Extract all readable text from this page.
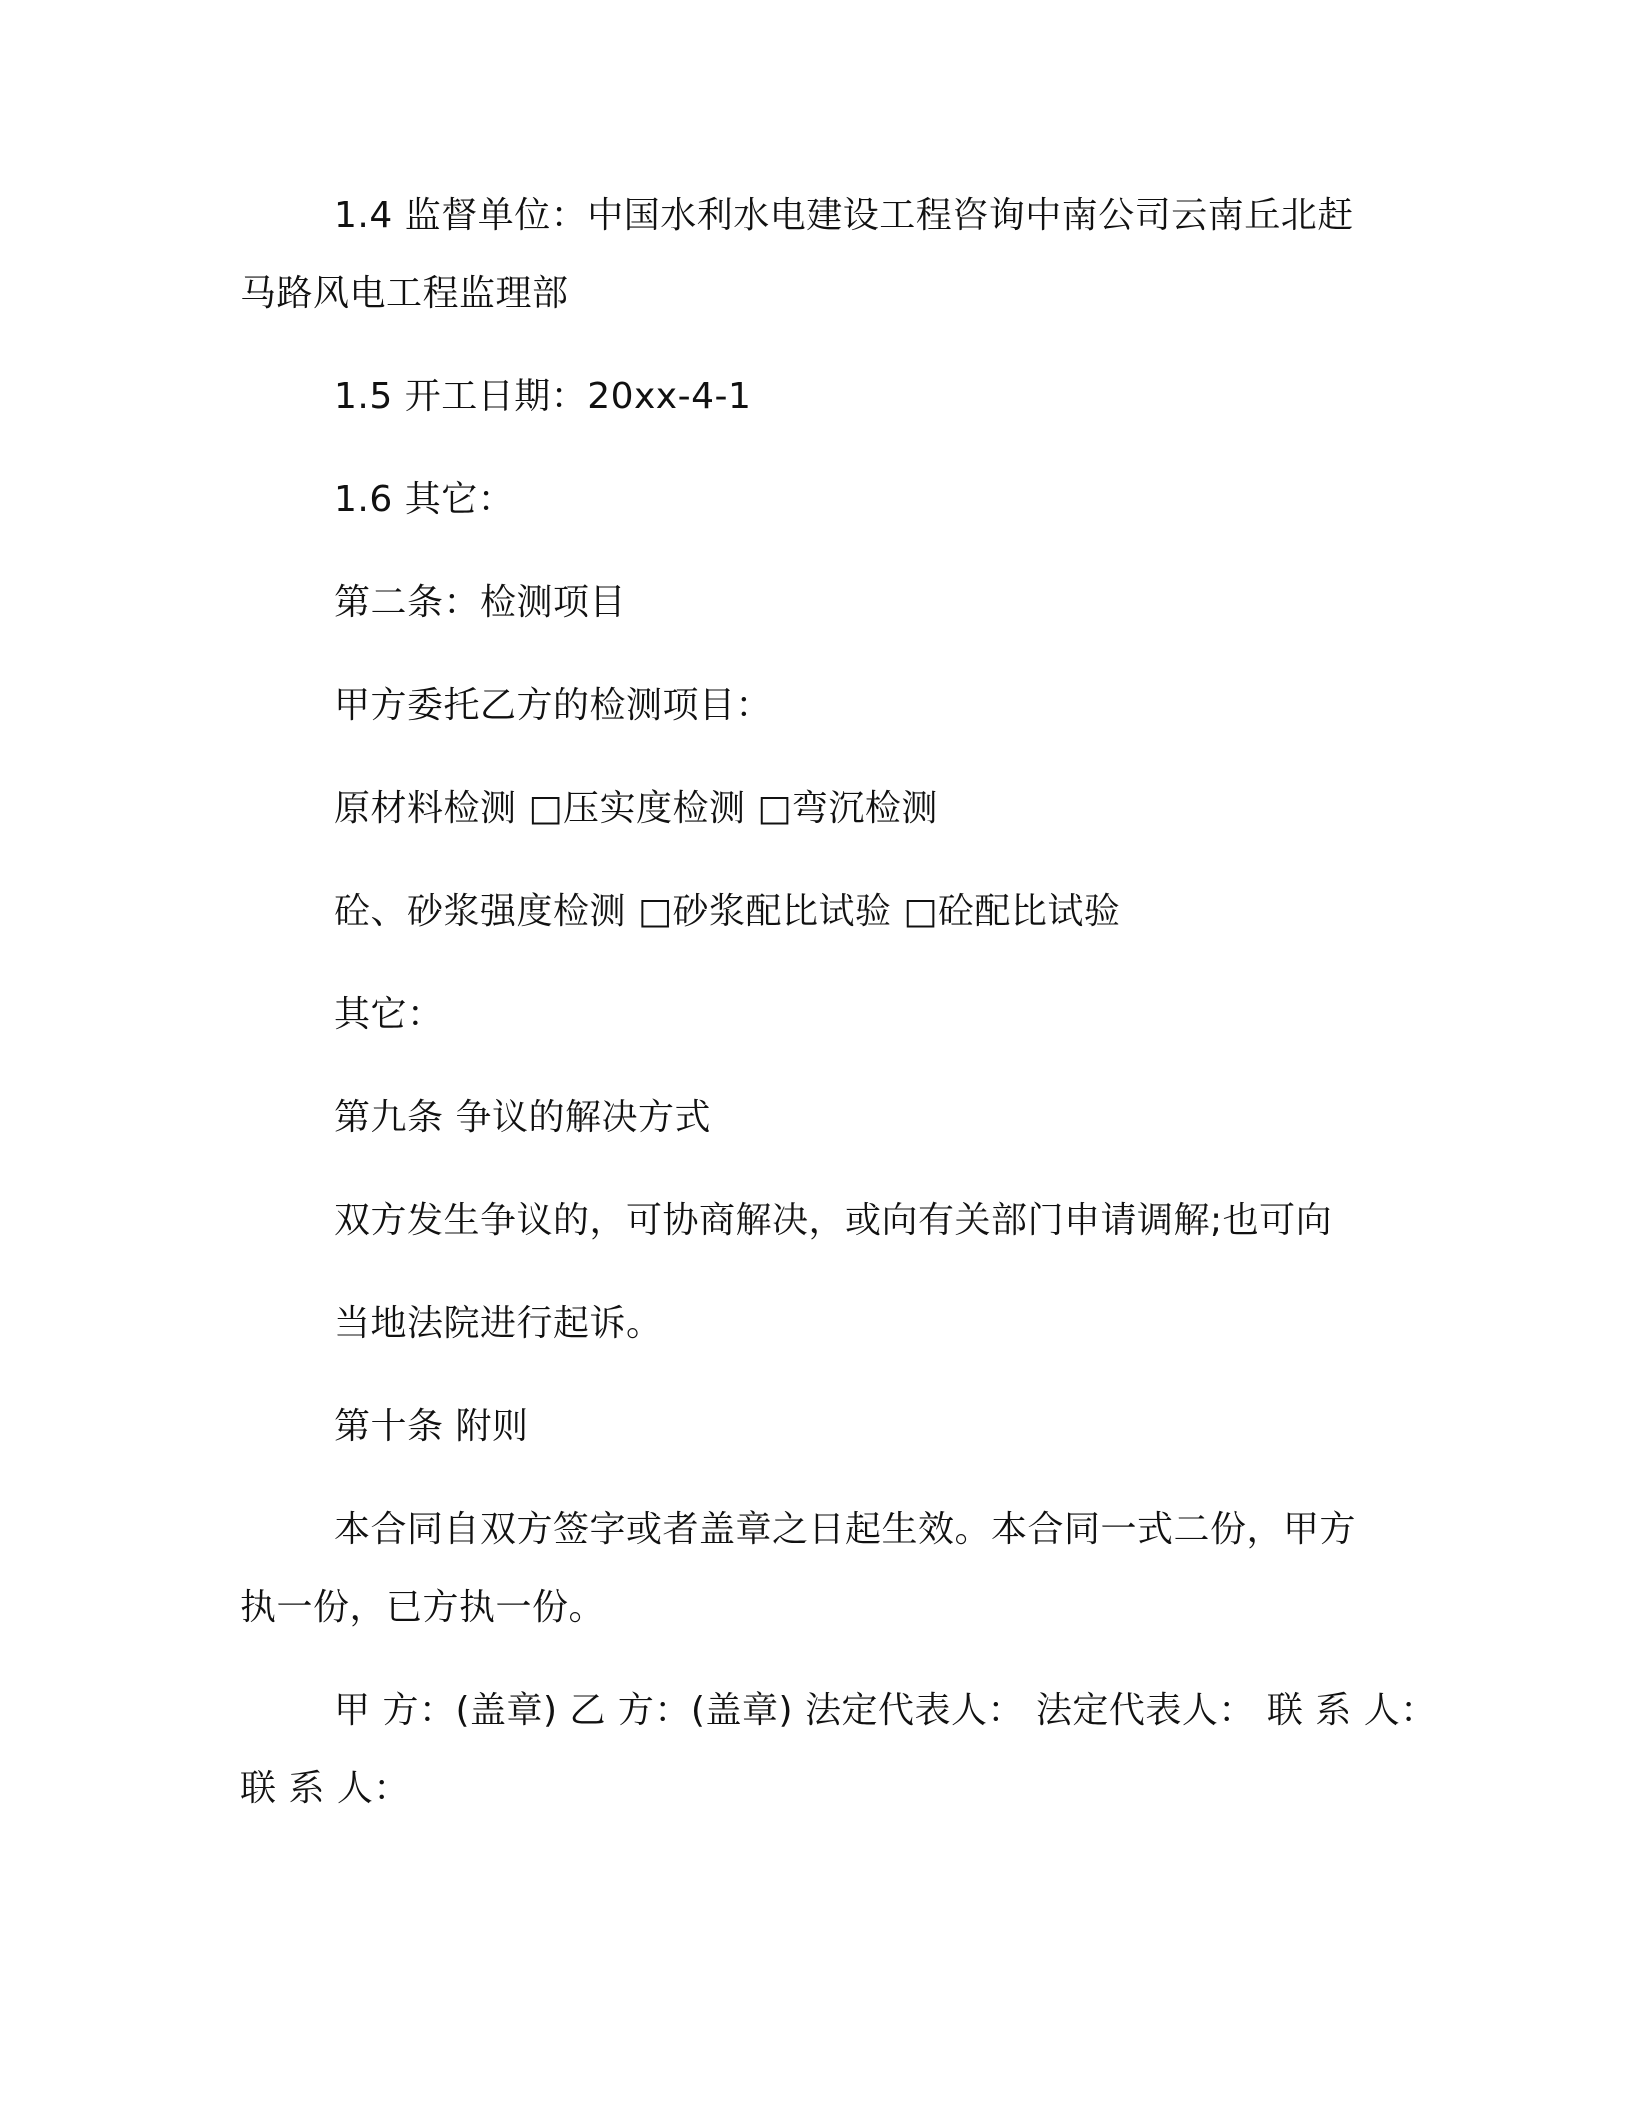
1.4 监督单位：中国水利水电建设工程咨询中南公司云南丘北赶
马路风电工程监理部
1.5 开工日期：20xx-4-1
1.6 其它：
第二条：检测项目
甲方委托乙方的检测项目：
原材料检测 □压实度检测 □弯沉检测
砼、砂浆强度检测 □砂浆配比试验 □砼配比试验
其它：
第九条 争议的解决方式
双方发生争议的，可协商解决，或向有关部门申请调解;也可向
当地法院进行起诉。
第十条 附则
本合同自双方签字或者盖章之日起生效。本合同一式二份，甲方
执一份，已方执一份。
甲 方：(盖章) 乙 方：(盖章) 法定代表人： 法定代表人： 联 系 人：
联 系 人：
